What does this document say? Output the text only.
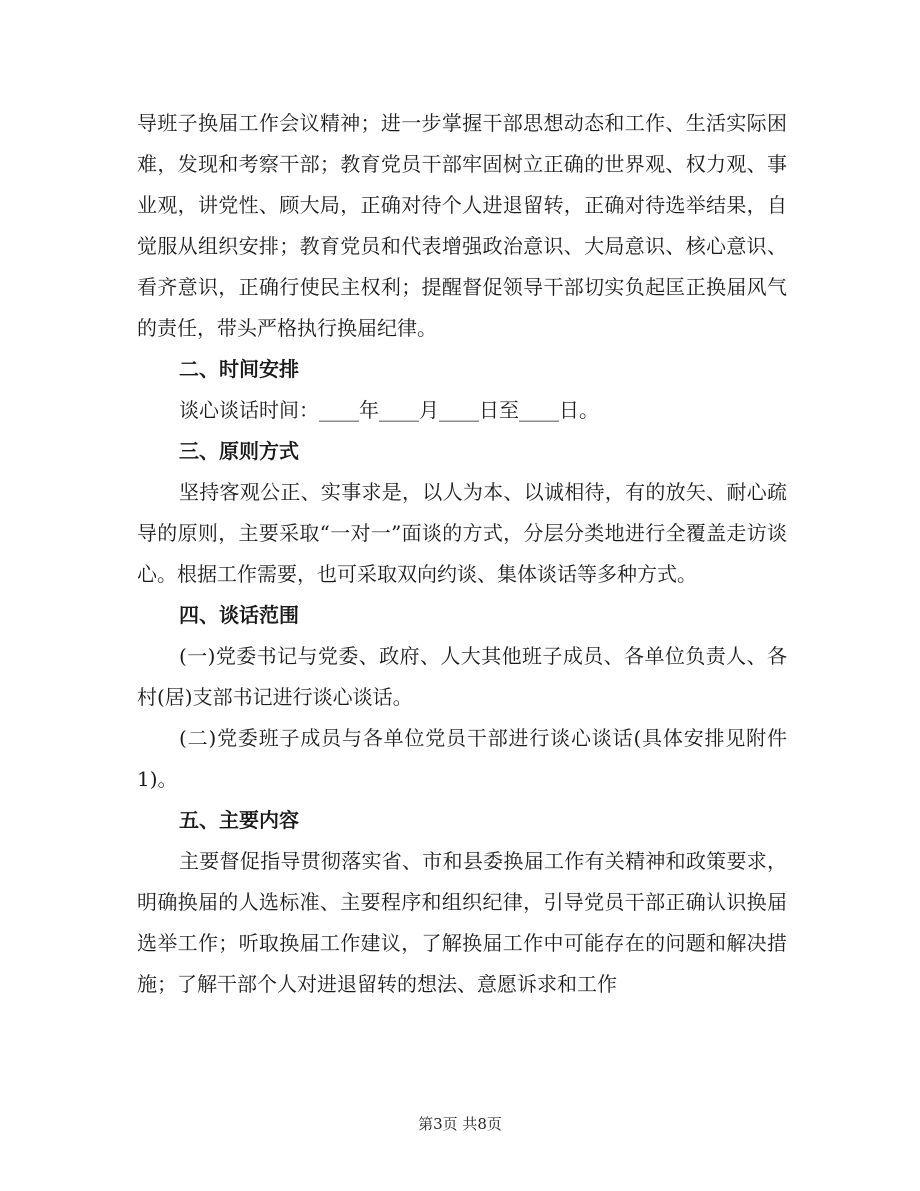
导班子换届工作会议精神；进一步掌握干部思想动态和工作、生活实际困难，发现和考察干部；教育党员干部牢固树立正确的世界观、权力观、事业观，讲党性、顾大局，正确对待个人进退留转，正确对待选举结果，自觉服从组织安排；教育党员和代表增强政治意识、大局意识、核心意识、看齐意识，正确行使民主权利；提醒督促领导干部切实负起匡正换届风气的责任，带头严格执行换届纪律。

二、时间安排

谈心谈话时间：____年____月____日至____日。

三、原则方式

坚持客观公正、实事求是，以人为本、以诚相待，有的放矢、耐心疏导的原则，主要采取“一对一”面谈的方式，分层分类地进行全覆盖走访谈心。根据工作需要，也可采取双向约谈、集体谈话等多种方式。

四、谈话范围

(一)党委书记与党委、政府、人大其他班子成员、各单位负责人、各村(居)支部书记进行谈心谈话。

(二)党委班子成员与各单位党员干部进行谈心谈话(具体安排见附件1)。

五、主要内容

主要督促指导贯彻落实省、市和县委换届工作有关精神和政策要求，明确换届的人选标准、主要程序和组织纪律，引导党员干部正确认识换届选举工作；听取换届工作建议，了解换届工作中可能存在的问题和解决措施；了解干部个人对进退留转的想法、意愿诉求和工作

第3页 共8页
